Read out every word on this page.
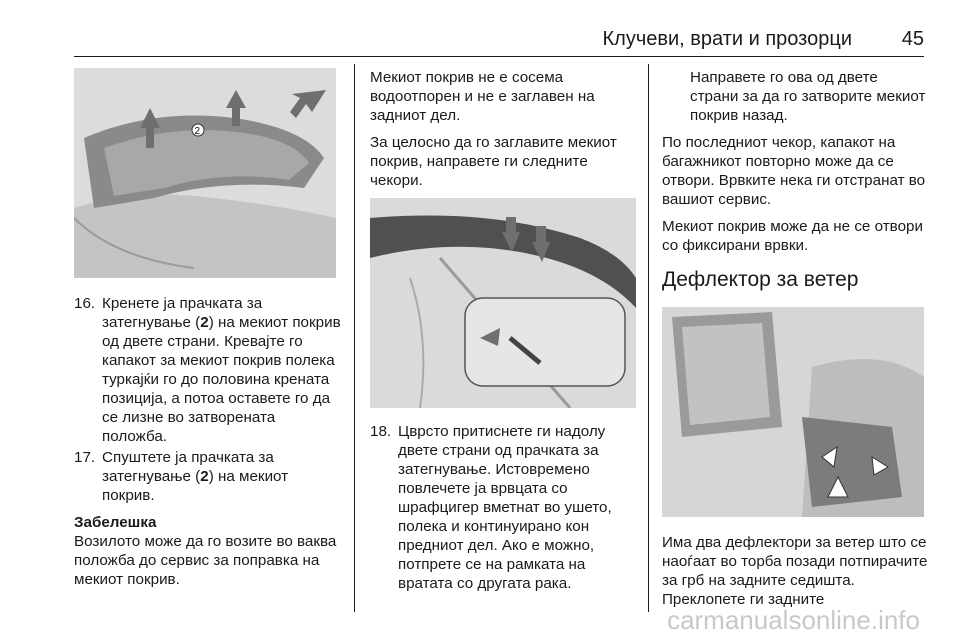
Клучеви, врати и прозорци 45
2
16. Кренете ја прачката за затегнување (2) на мекиот покрив од двете страни. Кревајте го капакот за мекиот покрив полека туркајќи го до половина крената позиција, а потоа оставете го да се лизне во затворената положба.
17. Спуштете ја прачката за затегнување (2) на мекиот покрив.
Забелешка
Возилото може да го возите во ваква положба до сервис за поправка на мекиот покрив.
Мекиот покрив не е сосема водоотпорен и не е заглавен на задниот дел.
За целосно да го заглавите мекиот покрив, направете ги следните чекори.
18. Цврсто притиснете ги надолу двете страни од прачката за затегнување. Истовремено повлечете ја врвцата со шрафцигер вметнат во ушето, полека и континуирано кон предниот дел. Ако е можно, потпрете се на рамката на вратата со другата рака.
Направете го ова од двете страни за да го затворите мекиот покрив назад.
По последниот чекор, капакот на багажникот повторно може да се отвори. Врвките нека ги отстранат во вашиот сервис.
Мекиот покрив може да не се отвори со фиксирани врвки.
Дефлектор за ветер
Има два дефлектори за ветер што се наоѓаат во торба позади потпирачите за грб на задните седишта. Преклопете ги задните
carmanualsonline.info
